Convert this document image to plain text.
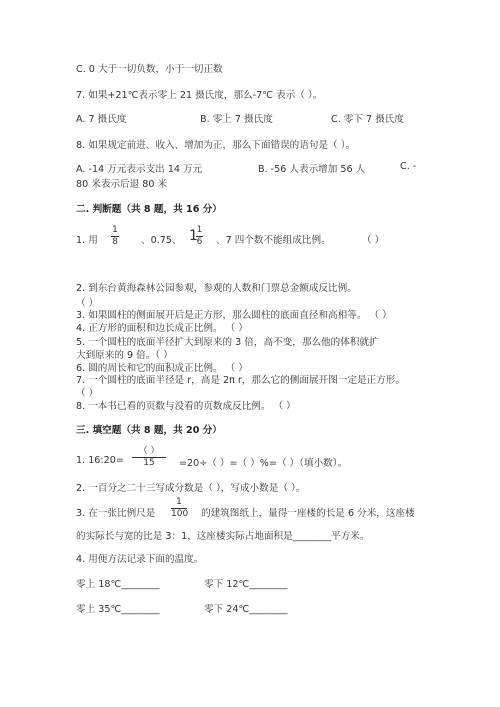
C. 0 大于一切负数，小于一切正数
7. 如果+21℃表示零上 21 摄氏度，那么-7℃ 表示（ ）。
A. 7 摄氏度	B. 零上 7 摄氏度	C. 零下 7 摄氏度
8. 如果规定前进、收入、增加为正，那么下面错误的语句是（ ）。
A. -14 万元表示支出 14 万元	B. -56 人表示增加 56 人	C. -
80 米表示后退 80 米
二. 判断题（共 8 题，共 16 分）
1. 用
1
8 、0.75、 1
1
6 、7 四个数不能组成比例。	（ ）
2. 到东台黄海森林公园参观，参观的人数和门票总金额成反比例。
（ ）
3. 如果圆柱的侧面展开后是正方形，那么圆柱的底面直径和高相等。 （ ）
4. 正方形的面积和边长成正比例。 （ ）
5. 一个圆柱的底面半径扩大到原来的 3 倍，高不变，那么他的体积就扩
大到原来的 9 倍。（ ）
6. 圆的周长和它的面积成正比例。 （ ）
7. 一个圆柱的底面半径是 r，高是 2π r，那么它的侧面展开图一定是正方形。
（ ）
8. 一本书已看的页数与没看的页数成反比例。 （ ）
三. 填空题（共 8 题，共 20 分）
1. 16:20=
（ ）
15	=20÷（ ）=（ ）%=（ ）（填小数）。
2. 一百分之二十三写成分数是（ ），写成小数是（ ）。
3. 在一张比例尺是
1
100 的建筑图纸上，量得一座楼的长是 6 分米，这座楼
的实际长与宽的比是 3：1，这座楼实际占地面积是________平方米。
4. 用便方法记录下面的温度。
零上 18℃________	零下 12℃________
零上 35℃________	零下 24℃________
